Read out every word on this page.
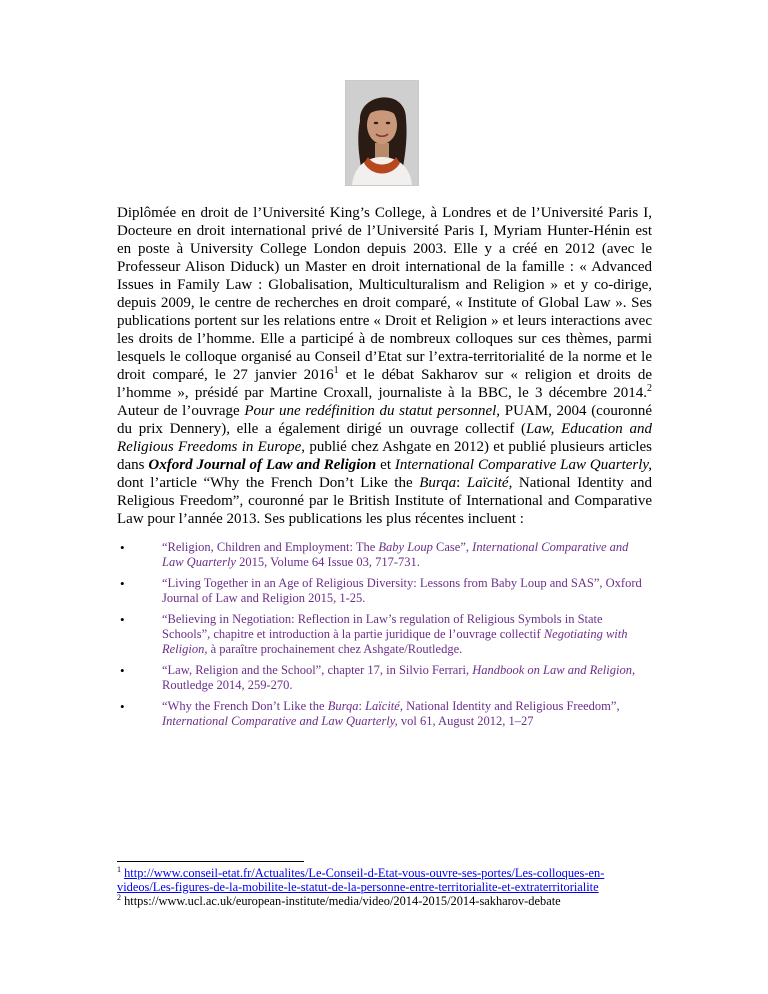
Diplômée en droit de l’Université King’s College, à Londres et de l’Université Paris I, Docteure en droit international privé de l’Université Paris I, Myriam Hunter-Hénin est en poste à University College London depuis 2003. Elle y a créé en 2012 (avec le Professeur Alison Diduck) un Master en droit international de la famille : « Advanced Issues in Family Law : Globalisation, Multiculturalism and Religion » et y co-dirige, depuis 2009, le centre de recherches en droit comparé, « Institute of Global Law ». Ses publications portent sur les relations entre « Droit et Religion » et leurs interactions avec les droits de l’homme. Elle a participé à de nombreux colloques sur ces thèmes, parmi lesquels le colloque organisé au Conseil d’Etat sur l’extra-territorialité de la norme et le droit comparé, le 27 janvier 2016$^1$ et le débat Sakharov sur « religion et droits de l’homme », présidé par Martine Croxall, journaliste à la BBC, le 3 décembre 2014.$^2$ Auteur de l’ouvrage Pour une redéfinition du statut personnel, PUAM, 2004 (couronné du prix Dennery), elle a également dirigé un ouvrage collectif (Law, Education and Religious Freedoms in Europe, publié chez Ashgate en 2012) et publié plusieurs articles dans Oxford Journal of Law and Religion et International Comparative Law Quarterly, dont l’article “Why the French Don’t Like the Burqa: Laïcité, National Identity and Religious Freedom”, couronné par le British Institute of International and Comparative Law pour l’année 2013. Ses publications les plus récentes incluent :

• “Religion, Children and Employment: The Baby Loup Case”, International Comparative and Law Quarterly 2015, Volume 64 Issue 03, 717-731.
• “Living Together in an Age of Religious Diversity: Lessons from Baby Loup and SAS”, Oxford Journal of Law and Religion 2015, 1-25.
• “Believing in Negotiation: Reflection in Law’s regulation of Religious Symbols in State Schools”, chapitre et introduction à la partie juridique de l’ouvrage collectif Negotiating with Religion, à paraître prochainement chez Ashgate/Routledge.
• “Law, Religion and the School”, chapter 17, in Silvio Ferrari, Handbook on Law and Religion, Routledge 2014, 259-270.
• “Why the French Don’t Like the Burqa: Laïcité, National Identity and Religious Freedom”, International Comparative and Law Quarterly, vol 61, August 2012, 1–27

$^1$ http://www.conseil-etat.fr/Actualites/Le-Conseil-d-Etat-vous-ouvre-ses-portes/Les-colloques-en-videos/Les-figures-de-la-mobilite-le-statut-de-la-personne-entre-territorialite-et-extraterritorialite

$^2$ https://www.ucl.ac.uk/european-institute/media/video/2014-2015/2014-sakharov-debate
